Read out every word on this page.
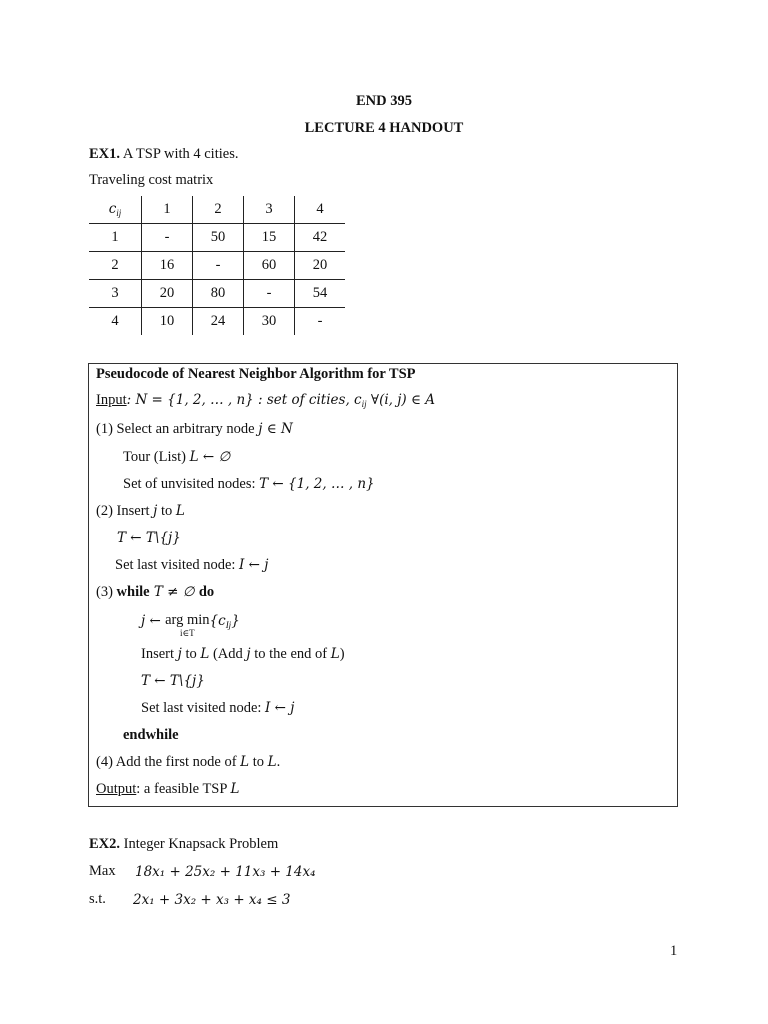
END 395
LECTURE 4 HANDOUT
EX1. A TSP with 4 cities.
Traveling cost matrix
$c_{ij}$	1	2	3	4
1	-	50	15	42
2	16	-	60	20
3	20	80	-	54
4	10	24	30	-
Pseudocode of Nearest Neighbor Algorithm for TSP
Input: N = {1, 2, … , n} : set of cities, $c_{ij}$ ∀(i, j) ∈ A
(1) Select an arbitrary node j ∈ N
Tour (List) L ← ∅
Set of unvisited nodes: T ← {1, 2, … , n}
(2) Insert j to L
T ← T\{j}
Set last visited node: I ← j
(3) while T ≠ ∅ do
j ← arg min
i∈T
$\{c_{Ij}\}$
Insert j to L (Add j to the end of L)
T ← T\{j}
Set last visited node: I ← j
endwhile
(4) Add the first node of L to L.
Output: a feasible TSP L
EX2. Integer Knapsack Problem
Max 18x₁ + 25x₂ + 11x₃ + 14x₄
s.t. 2x₁ + 3x₂ + x₃ + x₄ ≤ 3
1
